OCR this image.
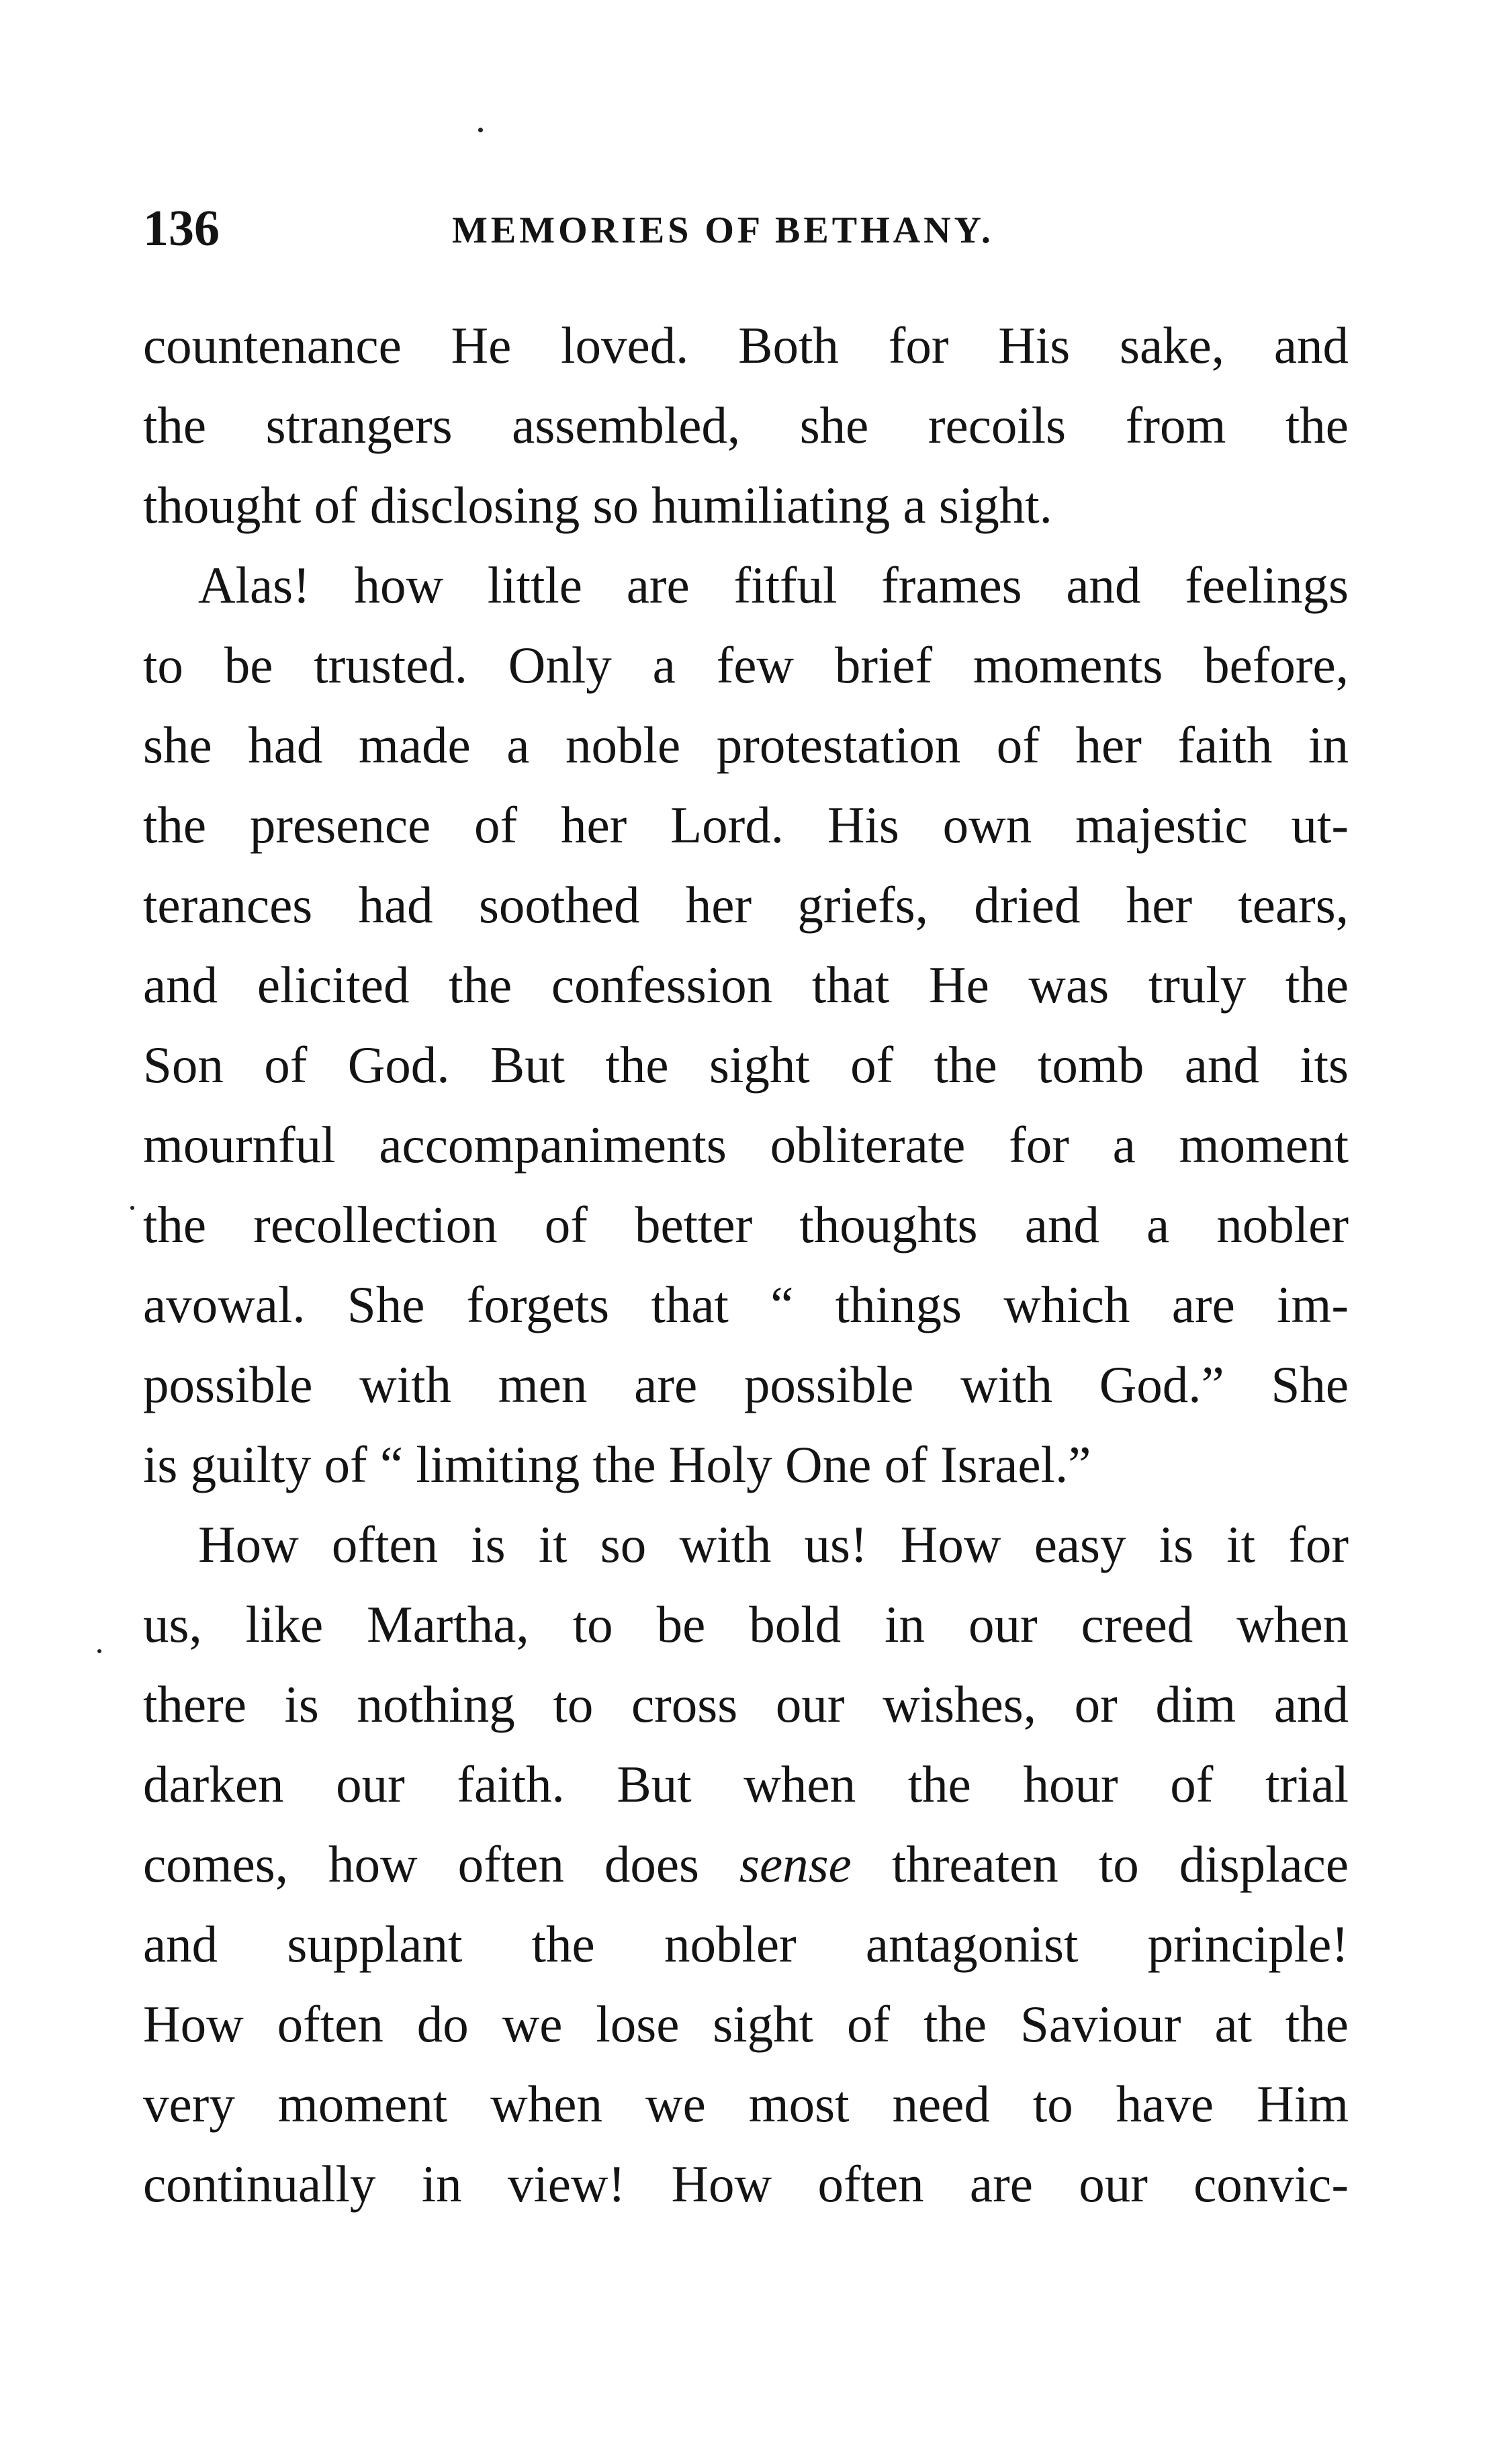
136	MEMORIES OF BETHANY.
countenance He loved. Both for His sake, and
the strangers assembled, she recoils from the
thought of disclosing so humiliating a sight.
Alas! how little are fitful frames and feelings
to be trusted. Only a few brief moments before,
she had made a noble protestation of her faith in
the presence of her Lord. His own majestic ut-
terances had soothed her griefs, dried her tears,
and elicited the confession that He was truly the
Son of God. But the sight of the tomb and its
mournful accompaniments obliterate for a moment
the recollection of better thoughts and a nobler
avowal. She forgets that “ things which are im-
possible with men are possible with God.” She
is guilty of “ limiting the Holy One of Israel.”
How often is it so with us! How easy is it for
us, like Martha, to be bold in our creed when
there is nothing to cross our wishes, or dim and
darken our faith. But when the hour of trial
comes, how often does sense threaten to displace
and supplant the nobler antagonist principle!
How often do we lose sight of the Saviour at the
very moment when we most need to have Him
continually in view! How often are our convic-
